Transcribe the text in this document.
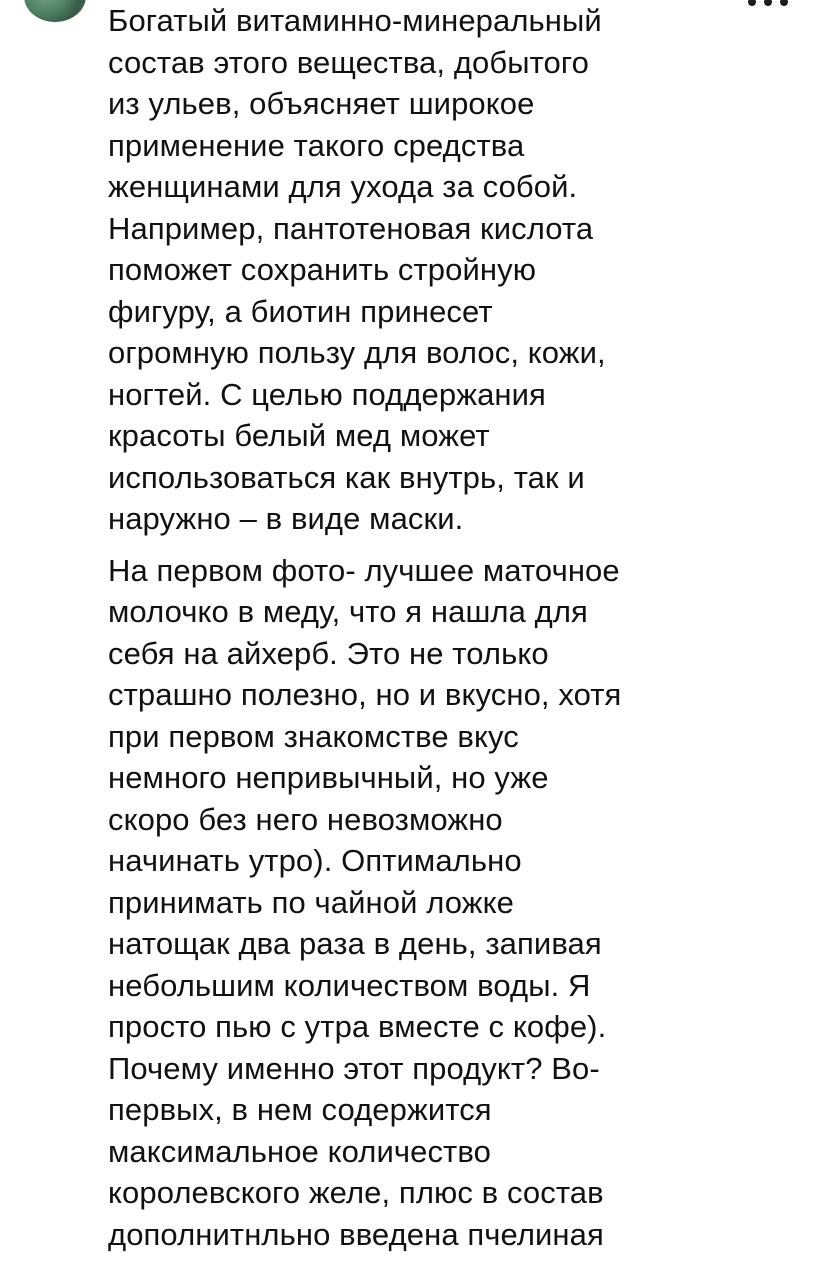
Богатый витаминно-минеральный
состав этого вещества, добытого
из ульев, объясняет широкое
применение такого средства
женщинами для ухода за собой.
Например, пантотеновая кислота
поможет сохранить стройную
фигуру, а биотин принесет
огромную пользу для волос, кожи,
ногтей. С целью поддержания
красоты белый мед может
использоваться как внутрь, так и
наружно – в виде маски.
На первом фото- лучшее маточное
молочко в меду, что я нашла для
себя на айхерб. Это не только
страшно полезно, но и вкусно, хотя
при первом знакомстве вкус
немного непривычный, но уже
скоро без него невозможно
начинать утро). Оптимально
принимать по чайной ложке
натощак два раза в день, запивая
небольшим количеством воды. Я
просто пью с утра вместе с кофе).
Почему именно этот продукт? Во-
первых, в нем содержится
максимальное количество
королевского желе, плюс в состав
дополнитнльно введена пчелиная
